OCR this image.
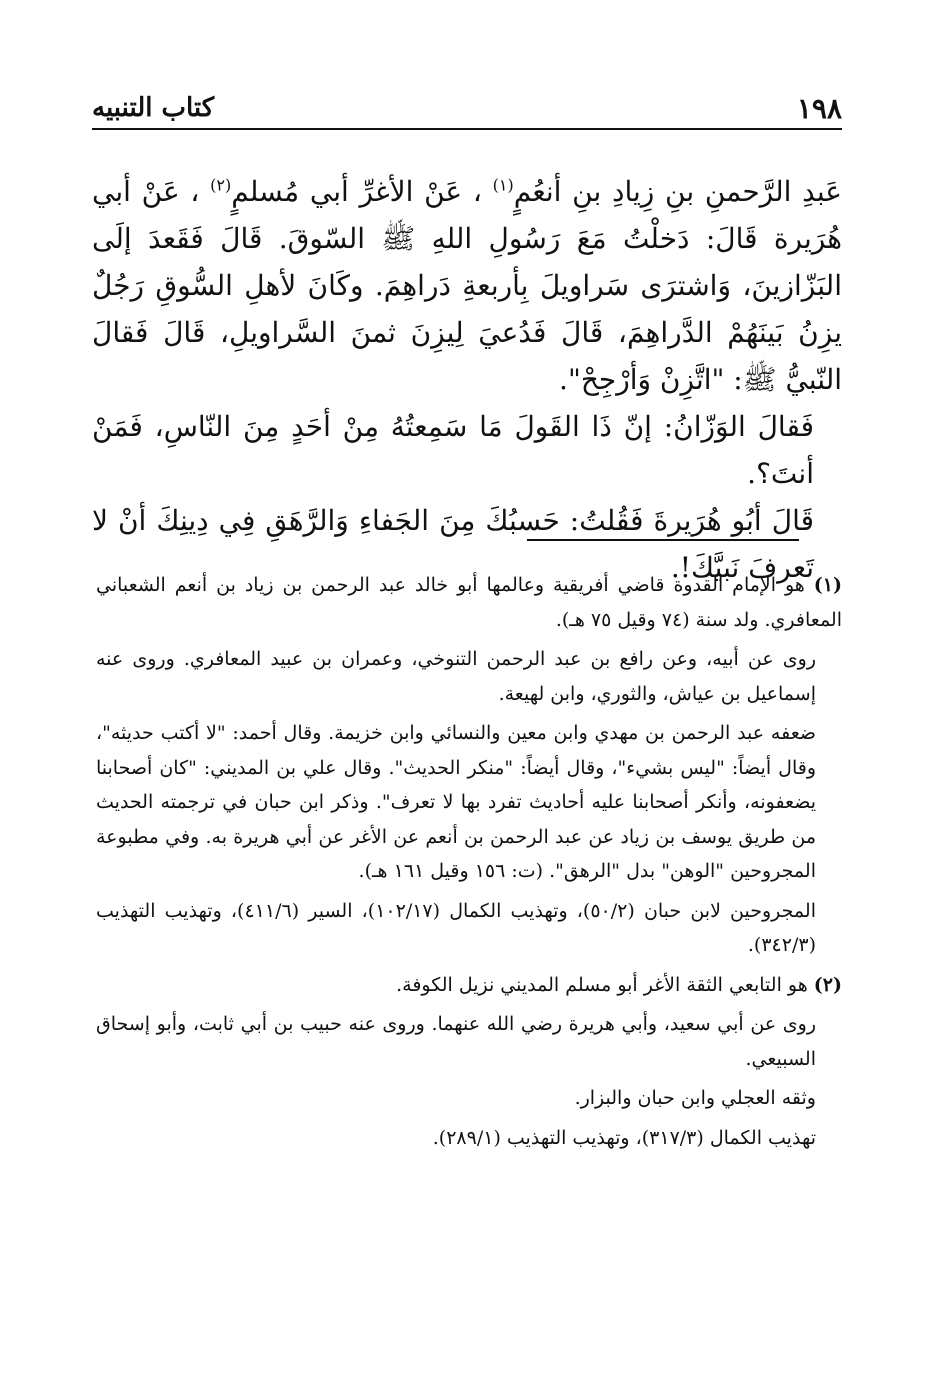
١٩٨
كتاب التنبيه

عَبدِ الرَّحمنِ بنِ زِيادِ بنِ أنعُمٍ$^{(١)}$ ، عَنْ الأغرِّ أبي مُسلمٍ$^{(٢)}$ ، عَنْ أبي هُرَيرة قَالَ: دَخلْتُ مَعَ رَسُولِ اللهِ ﷺ السّوقَ. قَالَ فَقَعدَ إلَى البَزّازينَ، وَاشترَى سَراويلَ بِأربعةِ دَراهِمَ. وكَانَ لأهلِ السُّوقِ رَجُلٌ يزِنُ بَينَهُمْ الدَّراهِمَ، قَالَ فَدُعيَ لِيزِنَ ثمنَ السَّراويلِ، قَالَ فَقالَ النّبيُّ ﷺ: "اتَّزِنْ وَأرْجِحْ".

فَقالَ الوَزّانُ: إنّ ذَا القَولَ مَا سَمِعتُهُ مِنْ أحَدٍ مِنَ النّاسِ، فَمَنْ أنتَ؟.

قَالَ أبُو هُرَيرةَ فَقُلتُ: حَسبُكَ مِنَ الجَفاءِ وَالرَّهَقِ فِي دِينِكَ أنْ لا تَعرفَ نَبيَّكَ!.

(١) هو الإمام القدوة قاضي أفريقية وعالمها أبو خالد عبد الرحمن بن زياد بن أنعم الشعباني المعافري. ولد سنة (٧٤ وقيل ٧٥ هـ).

روى عن أبيه، وعن رافع بن عبد الرحمن التنوخي، وعمران بن عبيد المعافري. وروى عنه إسماعيل بن عياش، والثوري، وابن لهيعة.

ضعفه عبد الرحمن بن مهدي وابن معين والنسائي وابن خزيمة. وقال أحمد: "لا أكتب حديثه"، وقال أيضاً: "ليس بشيء"، وقال أيضاً: "منكر الحديث". وقال علي بن المديني: "كان أصحابنا يضعفونه، وأنكر أصحابنا عليه أحاديث تفرد بها لا تعرف". وذكر ابن حبان في ترجمته الحديث من طريق يوسف بن زياد عن عبد الرحمن بن أنعم عن الأغر عن أبي هريرة به. وفي مطبوعة المجروحين "الوهن" بدل "الرهق". (ت: ١٥٦ وقيل ١٦١ هـ).

المجروحين لابن حبان (٥٠/٢)، وتهذيب الكمال (١٠٢/١٧)، السير (٤١١/٦)، وتهذيب التهذيب (٣٤٢/٣).

(٢) هو التابعي الثقة الأغر أبو مسلم المديني نزيل الكوفة.

روى عن أبي سعيد، وأبي هريرة رضي الله عنهما. وروى عنه حبيب بن أبي ثابت، وأبو إسحاق السبيعي.

وثقه العجلي وابن حبان والبزار.

تهذيب الكمال (٣١٧/٣)، وتهذيب التهذيب (٢٨٩/١).
